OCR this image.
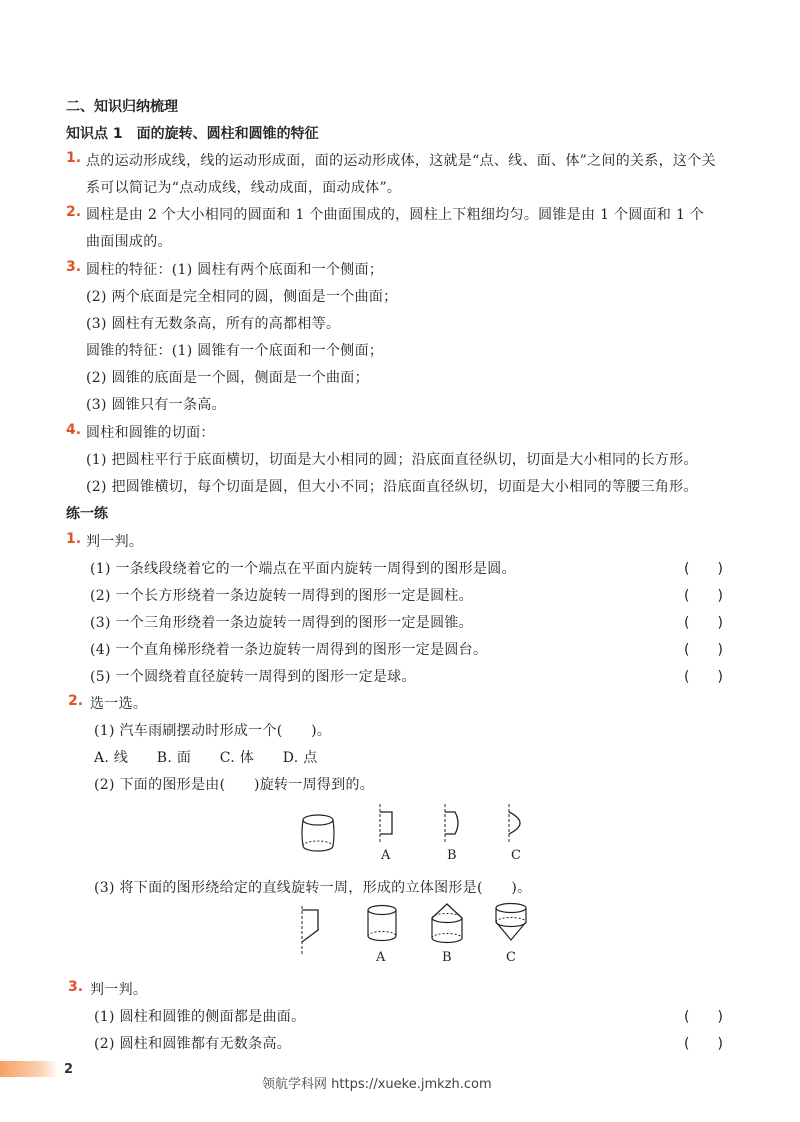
二、知识归纳梳理
知识点 1　面的旋转、圆柱和圆锥的特征
1. 点的运动形成线，线的运动形成面，面的运动形成体，这就是“点、线、面、体”之间的关系，这个关
系可以简记为“点动成线，线动成面，面动成体”。
2. 圆柱是由 2 个大小相同的圆面和 1 个曲面围成的，圆柱上下粗细均匀。圆锥是由 1 个圆面和 1 个
曲面围成的。
3. 圆柱的特征：(1) 圆柱有两个底面和一个侧面；
(2) 两个底面是完全相同的圆，侧面是一个曲面；
(3) 圆柱有无数条高，所有的高都相等。
圆锥的特征：(1) 圆锥有一个底面和一个侧面；
(2) 圆锥的底面是一个圆，侧面是一个曲面；
(3) 圆锥只有一条高。
4. 圆柱和圆锥的切面：
(1) 把圆柱平行于底面横切，切面是大小相同的圆；沿底面直径纵切，切面是大小相同的长方形。
(2) 把圆锥横切，每个切面是圆，但大小不同；沿底面直径纵切，切面是大小相同的等腰三角形。
练一练
1. 判一判。
(1) 一条线段绕着它的一个端点在平面内旋转一周得到的图形是圆。	(　　)
(2) 一个长方形绕着一条边旋转一周得到的图形一定是圆柱。	(　　)
(3) 一个三角形绕着一条边旋转一周得到的图形一定是圆锥。	(　　)
(4) 一个直角梯形绕着一条边旋转一周得到的图形一定是圆台。	(　　)
(5) 一个圆绕着直径旋转一周得到的图形一定是球。	(　　)
2. 选一选。
(1) 汽车雨刷摆动时形成一个(　　)。
A. 线　　B. 面　　C. 体　　D. 点
(2) 下面的图形是由(　　)旋转一周得到的。
A	B	C
(3) 将下面的图形绕给定的直线旋转一周，形成的立体图形是(　　)。
A	B	C
3. 判一判。
(1) 圆柱和圆锥的侧面都是曲面。	(　　)
(2) 圆柱和圆锥都有无数条高。	(　　)
2
领航学科网 https://xueke.jmkzh.com
